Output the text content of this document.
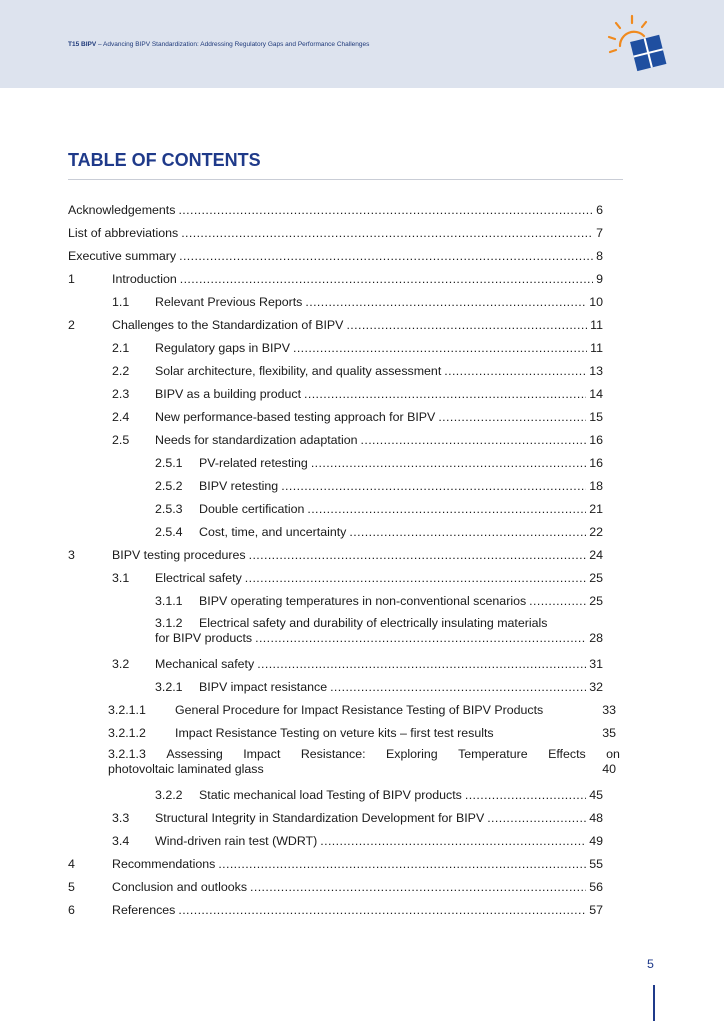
T15 BIPV – Advancing BIPV Standardization: Addressing Regulatory Gaps and Performance Challenges
TABLE OF CONTENTS
Acknowledgements .....	6
List of abbreviations .....	7
Executive summary .....	8
1	Introduction .....	9
1.1	Relevant Previous Reports .....	10
2	Challenges to the Standardization of BIPV .....	11
2.1	Regulatory gaps in BIPV .....	11
2.2	Solar architecture, flexibility, and quality assessment .....	13
2.3	BIPV as a building product .....	14
2.4	New performance-based testing approach for BIPV .....	15
2.5	Needs for standardization adaptation .....	16
2.5.1	PV-related retesting .....	16
2.5.2	BIPV retesting .....	18
2.5.3	Double certification .....	21
2.5.4	Cost, time, and uncertainty .....	22
3	BIPV testing procedures .....	24
3.1	Electrical safety .....	25
3.1.1	BIPV operating temperatures in non-conventional scenarios .....	25
3.1.2	Electrical safety and durability of electrically insulating materials
for BIPV products .....	28
3.2	Mechanical safety .....	31
3.2.1	BIPV impact resistance .....	32
3.2.1.1	General Procedure for Impact Resistance Testing of BIPV Products	33
3.2.1.2	Impact Resistance Testing on veture kits – first test results	35
3.2.1.3 Assessing Impact Resistance: Exploring Temperature Effects on
photovoltaic laminated glass	40
3.2.2	Static mechanical load Testing of BIPV products .....	45
3.3	Structural Integrity in Standardization Development for BIPV .....	48
3.4	Wind-driven rain test (WDRT) .....	49
4	Recommendations .....	55
5	Conclusion and outlooks .....	56
6	References .....	57
5
